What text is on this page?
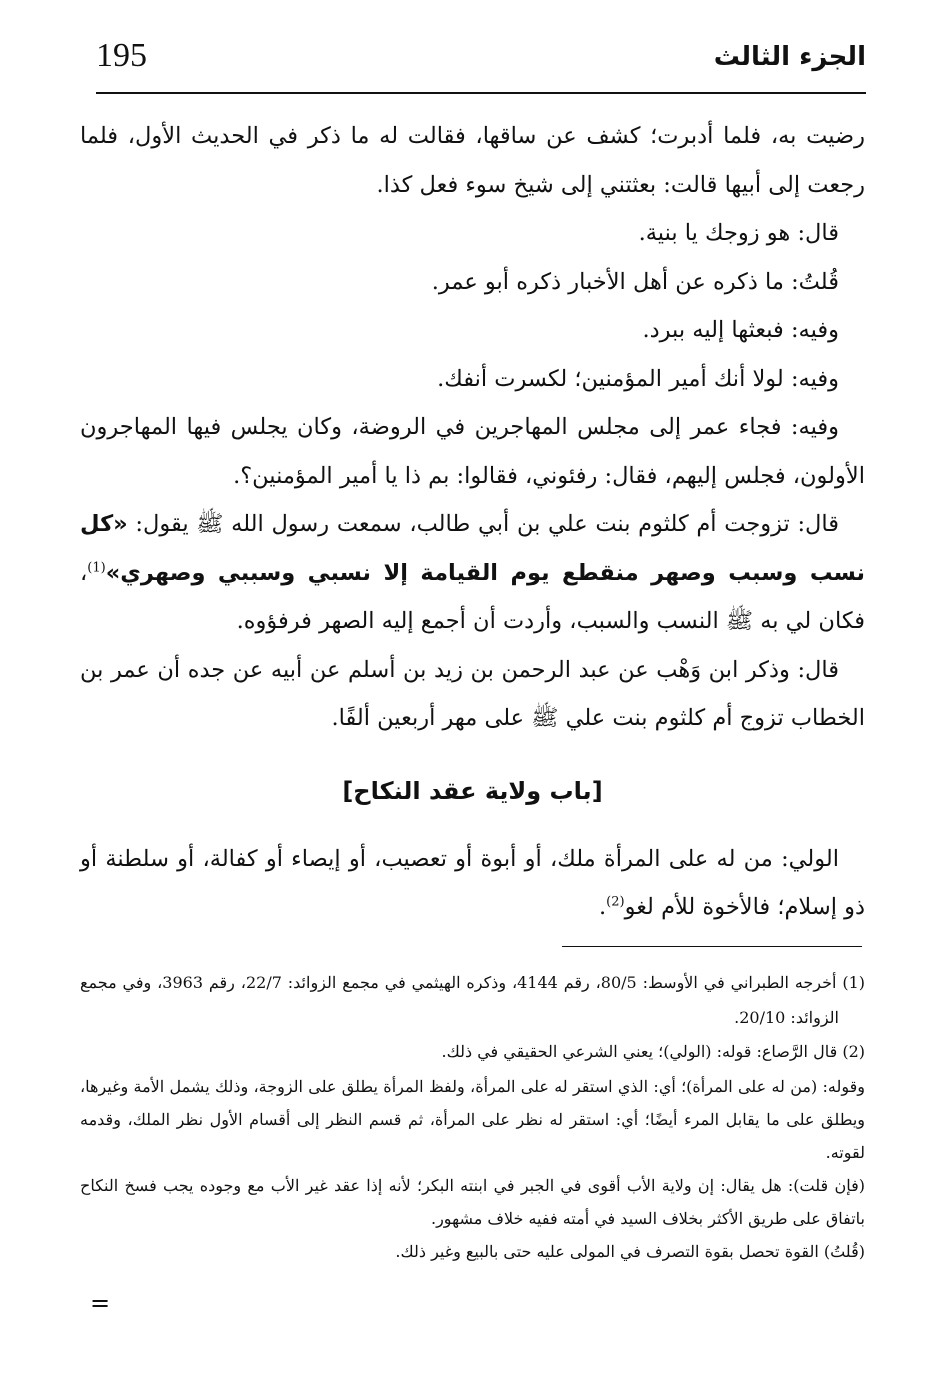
195	الجزء الثالث

رضيت به، فلما أدبرت؛ كشف عن ساقها، فقالت له ما ذكر في الحديث الأول، فلما رجعت إلى أبيها قالت: بعثتني إلى شيخ سوء فعل كذا.

قال: هو زوجك يا بنية.

قُلتُ: ما ذكره عن أهل الأخبار ذكره أبو عمر.

وفيه: فبعثها إليه ببرد.

وفيه: لولا أنك أمير المؤمنين؛ لكسرت أنفك.

وفيه: فجاء عمر إلى مجلس المهاجرين في الروضة، وكان يجلس فيها المهاجرون الأولون، فجلس إليهم، فقال: رفئوني، فقالوا: بم ذا يا أمير المؤمنين؟.

قال: تزوجت أم كلثوم بنت علي بن أبي طالب، سمعت رسول الله ﷺ يقول: «كل نسب وسبب وصهر منقطع يوم القيامة إلا نسبي وسببي وصهري»$^{(1)}$، فكان لي به ﷺ النسب والسبب، وأردت أن أجمع إليه الصهر فرفؤوه.

قال: وذكر ابن وَهْب عن عبد الرحمن بن زيد بن أسلم عن أبيه عن جده أن عمر بن الخطاب تزوج أم كلثوم بنت علي ﷺ على مهر أربعين ألفًا.

[باب ولاية عقد النكاح]

الولي: من له على المرأة ملك، أو أبوة أو تعصيب، أو إيصاء أو كفالة، أو سلطنة أو ذو إسلام؛ فالأخوة للأم لغو$^{(2)}$.

(1) أخرجه الطبراني في الأوسط: 80/5، رقم 4144، وذكره الهيثمي في مجمع الزوائد: 22/7، رقم 3963، وفي مجمع الزوائد: 20/10.

(2) قال الرَّصاع: قوله: (الولي)؛ يعني الشرعي الحقيقي في ذلك.

وقوله: (من له على المرأة)؛ أي: الذي استقر له على المرأة، ولفظ المرأة يطلق على الزوجة، وذلك يشمل الأمة وغيرها، ويطلق على ما يقابل المرء أيضًا؛ أي: استقر له نظر على المرأة، ثم قسم النظر إلى أقسام الأول نظر الملك، وقدمه لقوته.

(فإن قلت): هل يقال: إن ولاية الأب أقوى في الجبر في ابنته البكر؛ لأنه إذا عقد غير الأب مع وجوده يجب فسخ النكاح باتفاق على طريق الأكثر بخلاف السيد في أمته ففيه خلاف مشهور.

(قُلتُ) القوة تحصل بقوة التصرف في المولى عليه حتى بالبيع وغير ذلك.

=
